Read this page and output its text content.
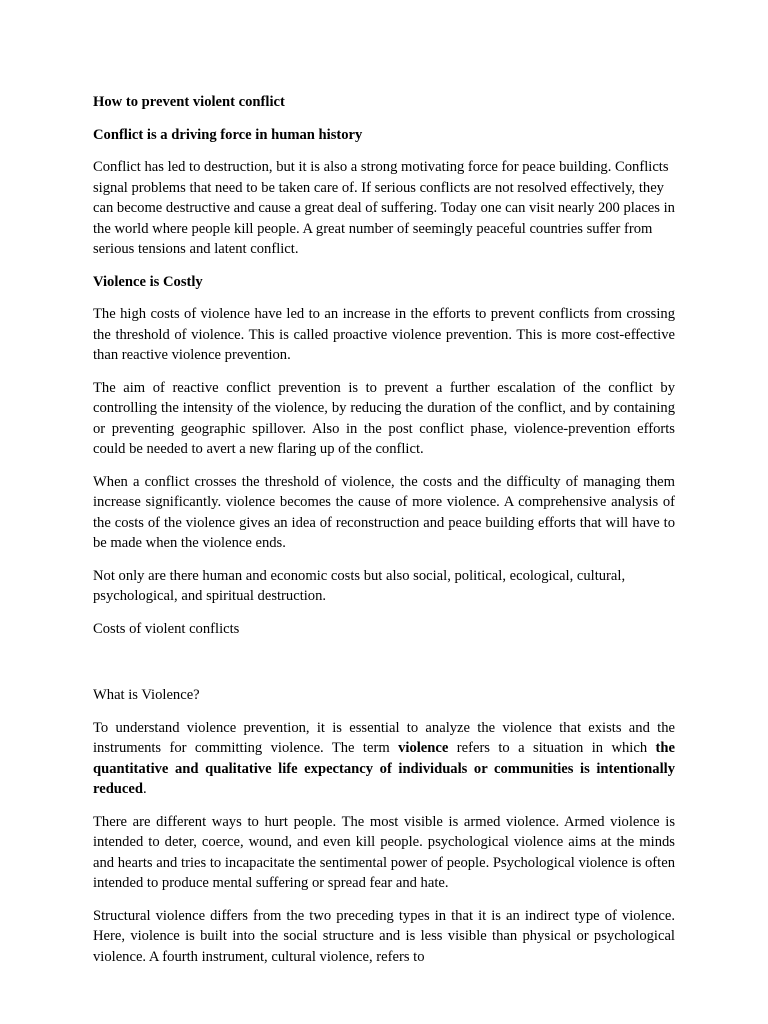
How to prevent violent conflict
Conflict is a driving force in human history

Conflict has led to destruction, but it is also a strong motivating force for peace building. Conflicts signal problems that need to be taken care of. If serious conflicts are not resolved effectively, they can become destructive and cause a great deal of suffering. Today one can visit nearly 200 places in the world where people kill people. A great number of seemingly peaceful countries suffer from serious tensions and latent conflict.

Violence is Costly

The high costs of violence have led to an increase in the efforts to prevent conflicts from crossing the threshold of violence. This is called proactive violence prevention. This is more cost-effective than reactive violence prevention.

The aim of reactive conflict prevention is to prevent a further escalation of the conflict by controlling the intensity of the violence, by reducing the duration of the conflict, and by containing or preventing geographic spillover. Also in the post conflict phase, violence-prevention efforts could be needed to avert a new flaring up of the conflict.

When a conflict crosses the threshold of violence, the costs and the difficulty of managing them increase significantly. violence becomes the cause of more violence. A comprehensive analysis of the costs of the violence gives an idea of reconstruction and peace building efforts that will have to be made when the violence ends.

Not only are there human and economic costs but also social, political, ecological, cultural, psychological, and spiritual destruction.

Costs of violent conflicts

What is Violence?

To understand violence prevention, it is essential to analyze the violence that exists and the instruments for committing violence. The term violence refers to a situation in which the quantitative and qualitative life expectancy of individuals or communities is intentionally reduced.

There are different ways to hurt people. The most visible is armed violence. Armed violence is intended to deter, coerce, wound, and even kill people. psychological violence aims at the minds and hearts and tries to incapacitate the sentimental power of people. Psychological violence is often intended to produce mental suffering or spread fear and hate.

Structural violence differs from the two preceding types in that it is an indirect type of violence. Here, violence is built into the social structure and is less visible than physical or psychological violence. A fourth instrument, cultural violence, refers to
